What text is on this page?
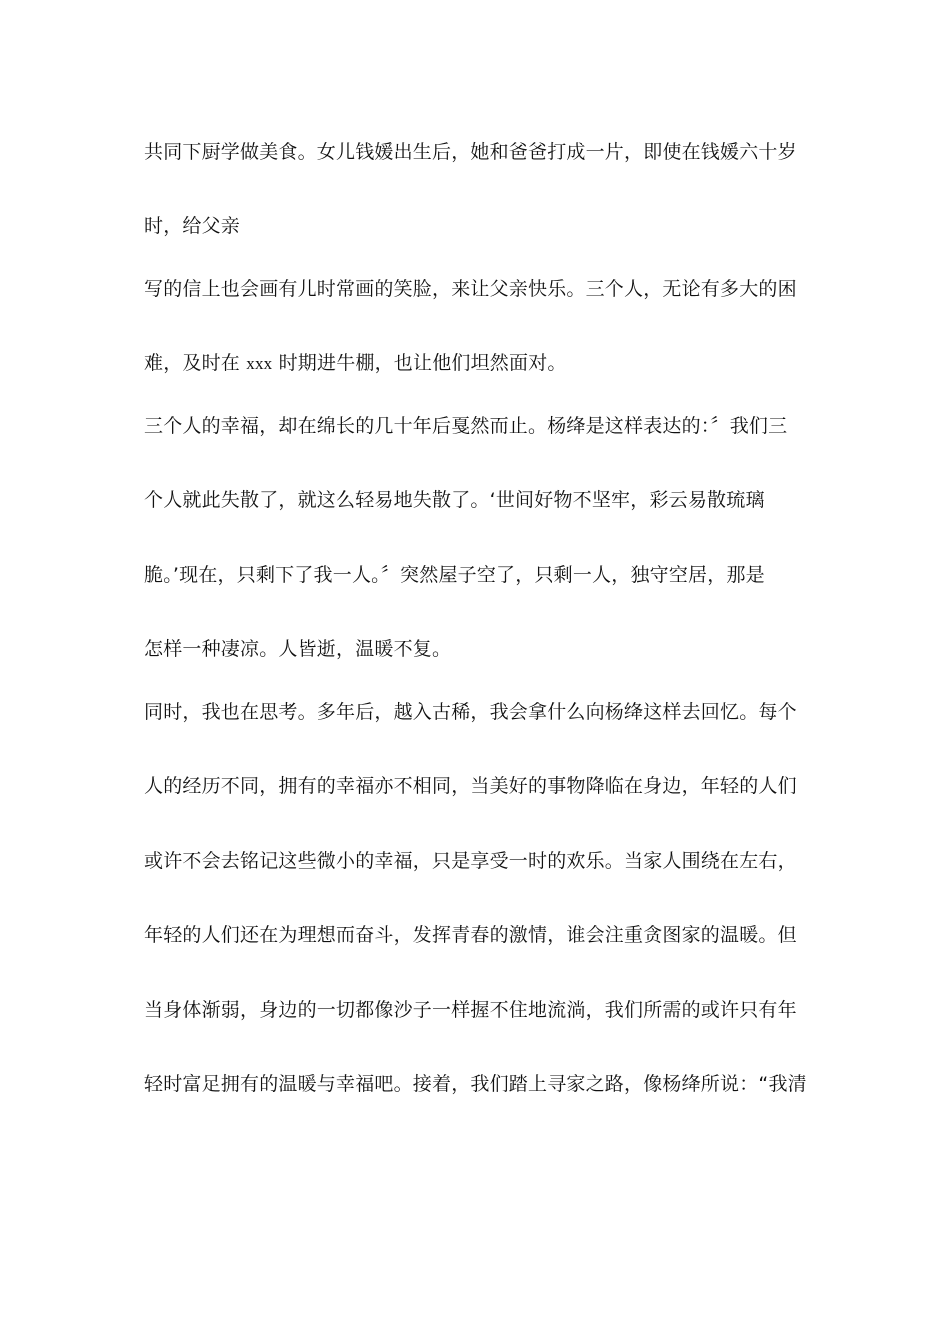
共同下厨学做美食。女儿钱媛出生后，她和爸爸打成一片，即使在钱媛六十岁
时，给父亲
写的信上也会画有儿时常画的笑脸，来让父亲快乐。三个人，无论有多大的困
难，及时在 xxx 时期进牛棚，也让他们坦然面对。
三个人的幸福，却在绵长的几十年后戛然而止。杨绛是这样表达的：〞我们三
个人就此失散了，就这么轻易地失散了。‘世间好物不坚牢，彩云易散琉璃
脆。’现在，只剩下了我一人。〞突然屋子空了，只剩一人，独守空居，那是
怎样一种凄凉。人皆逝，温暖不复。
同时，我也在思考。多年后，越入古稀，我会拿什么向杨绛这样去回忆。每个
人的经历不同，拥有的幸福亦不相同，当美好的事物降临在身边，年轻的人们
或许不会去铭记这些微小的幸福，只是享受一时的欢乐。当家人围绕在左右，
年轻的人们还在为理想而奋斗，发挥青春的激情，谁会注重贪图家的温暖。但
当身体渐弱，身边的一切都像沙子一样握不住地流淌，我们所需的或许只有年
轻时富足拥有的温暖与幸福吧。接着，我们踏上寻家之路，像杨绛所说：“我清
